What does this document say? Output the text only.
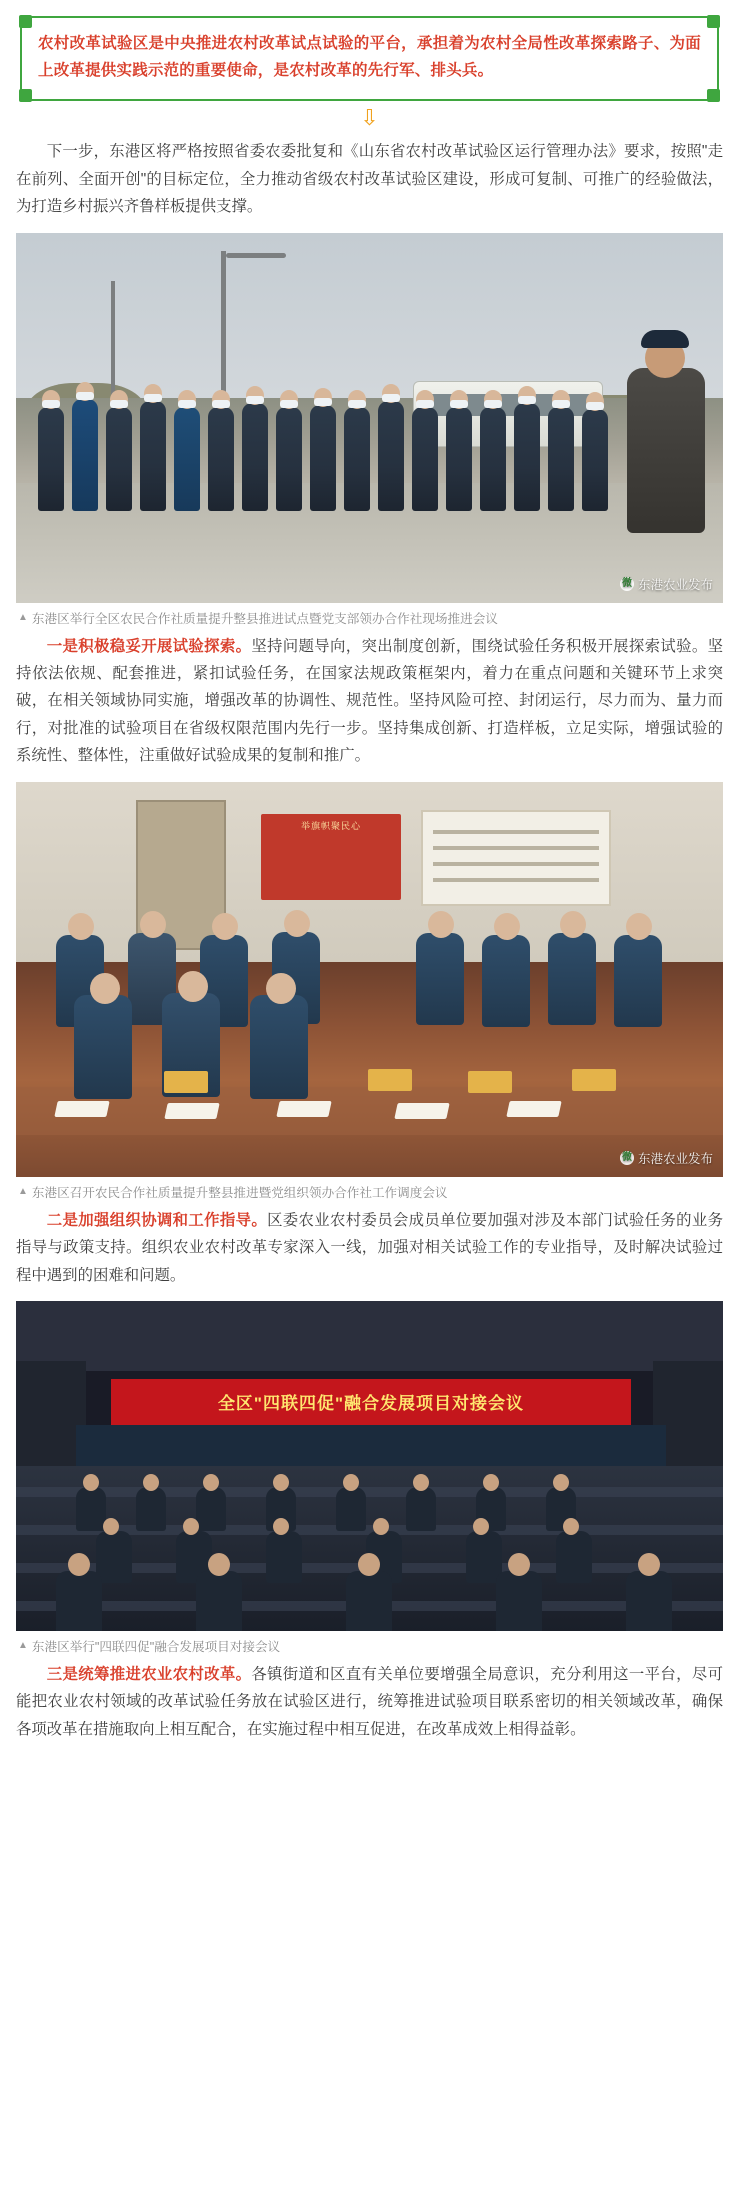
农村改革试验区是中央推进农村改革试点试验的平台，承担着为农村全局性改革探索路子、为面上改革提供实践示范的重要使命，是农村改革的先行军、排头兵。
⇩

下一步，东港区将严格按照省委农委批复和《山东省农村改革试验区运行管理办法》要求，按照"走在前列、全面开创"的目标定位，全力推动省级农村改革试验区建设，形成可复制、可推广的经验做法，为打造乡村振兴齐鲁样板提供支撑。

微 东港农业发布
▲ 东港区举行全区农民合作社质量提升整县推进试点暨党支部领办合作社现场推进会议

一是积极稳妥开展试验探索。坚持问题导向，突出制度创新，围绕试验任务积极开展探索试验。坚持依法依规、配套推进，紧扣试验任务，在国家法规政策框架内，着力在重点问题和关键环节上求突破，在相关领域协同实施，增强改革的协调性、规范性。坚持风险可控、封闭运行，尽力而为、量力而行，对批准的试验项目在省级权限范围内先行一步。坚持集成创新、打造样板，立足实际，增强试验的系统性、整体性，注重做好试验成果的复制和推广。

举旗帜聚民心
微 东港农业发布
▲ 东港区召开农民合作社质量提升整县推进暨党组织领办合作社工作调度会议

二是加强组织协调和工作指导。区委农业农村委员会成员单位要加强对涉及本部门试验任务的业务指导与政策支持。组织农业农村改革专家深入一线，加强对相关试验工作的专业指导，及时解决试验过程中遇到的困难和问题。

全区"四联四促"融合发展项目对接会议
▲ 东港区举行"四联四促"融合发展项目对接会议

三是统筹推进农业农村改革。各镇街道和区直有关单位要增强全局意识，充分利用这一平台，尽可能把农业农村领域的改革试验任务放在试验区进行，统筹推进试验项目联系密切的相关领域改革，确保各项改革在措施取向上相互配合，在实施过程中相互促进，在改革成效上相得益彰。
